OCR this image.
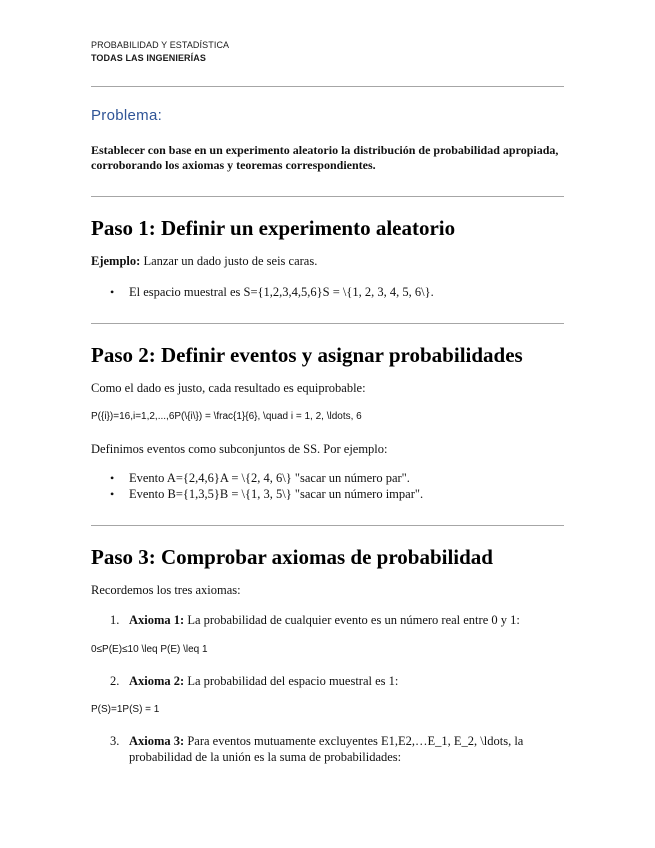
PROBABILIDAD Y ESTADÍSTICA
TODAS LAS INGENIERÍAS
Problema:
Establecer con base en un experimento aleatorio la distribución de probabilidad apropiada, corroborando los axiomas y teoremas correspondientes.
Paso 1: Definir un experimento aleatorio
Ejemplo: Lanzar un dado justo de seis caras.
• El espacio muestral es S={1,2,3,4,5,6}S = \{1, 2, 3, 4, 5, 6\}.
Paso 2: Definir eventos y asignar probabilidades
Como el dado es justo, cada resultado es equiprobable:
P({i})=16,i=1,2,...,6P(\{i\}) = \frac{1}{6}, \quad i = 1, 2, \ldots, 6
Definimos eventos como subconjuntos de SS. Por ejemplo:
• Evento A={2,4,6}A = \{2, 4, 6\} "sacar un número par".
• Evento B={1,3,5}B = \{1, 3, 5\} "sacar un número impar".
Paso 3: Comprobar axiomas de probabilidad
Recordemos los tres axiomas:
1. Axioma 1: La probabilidad de cualquier evento es un número real entre 0 y 1:
0≤P(E)≤10 \leq P(E) \leq 1
2. Axioma 2: La probabilidad del espacio muestral es 1:
P(S)=1P(S) = 1
3. Axioma 3: Para eventos mutuamente excluyentes E1,E2,…E_1, E_2, \ldots, la
probabilidad de la unión es la suma de probabilidades:
